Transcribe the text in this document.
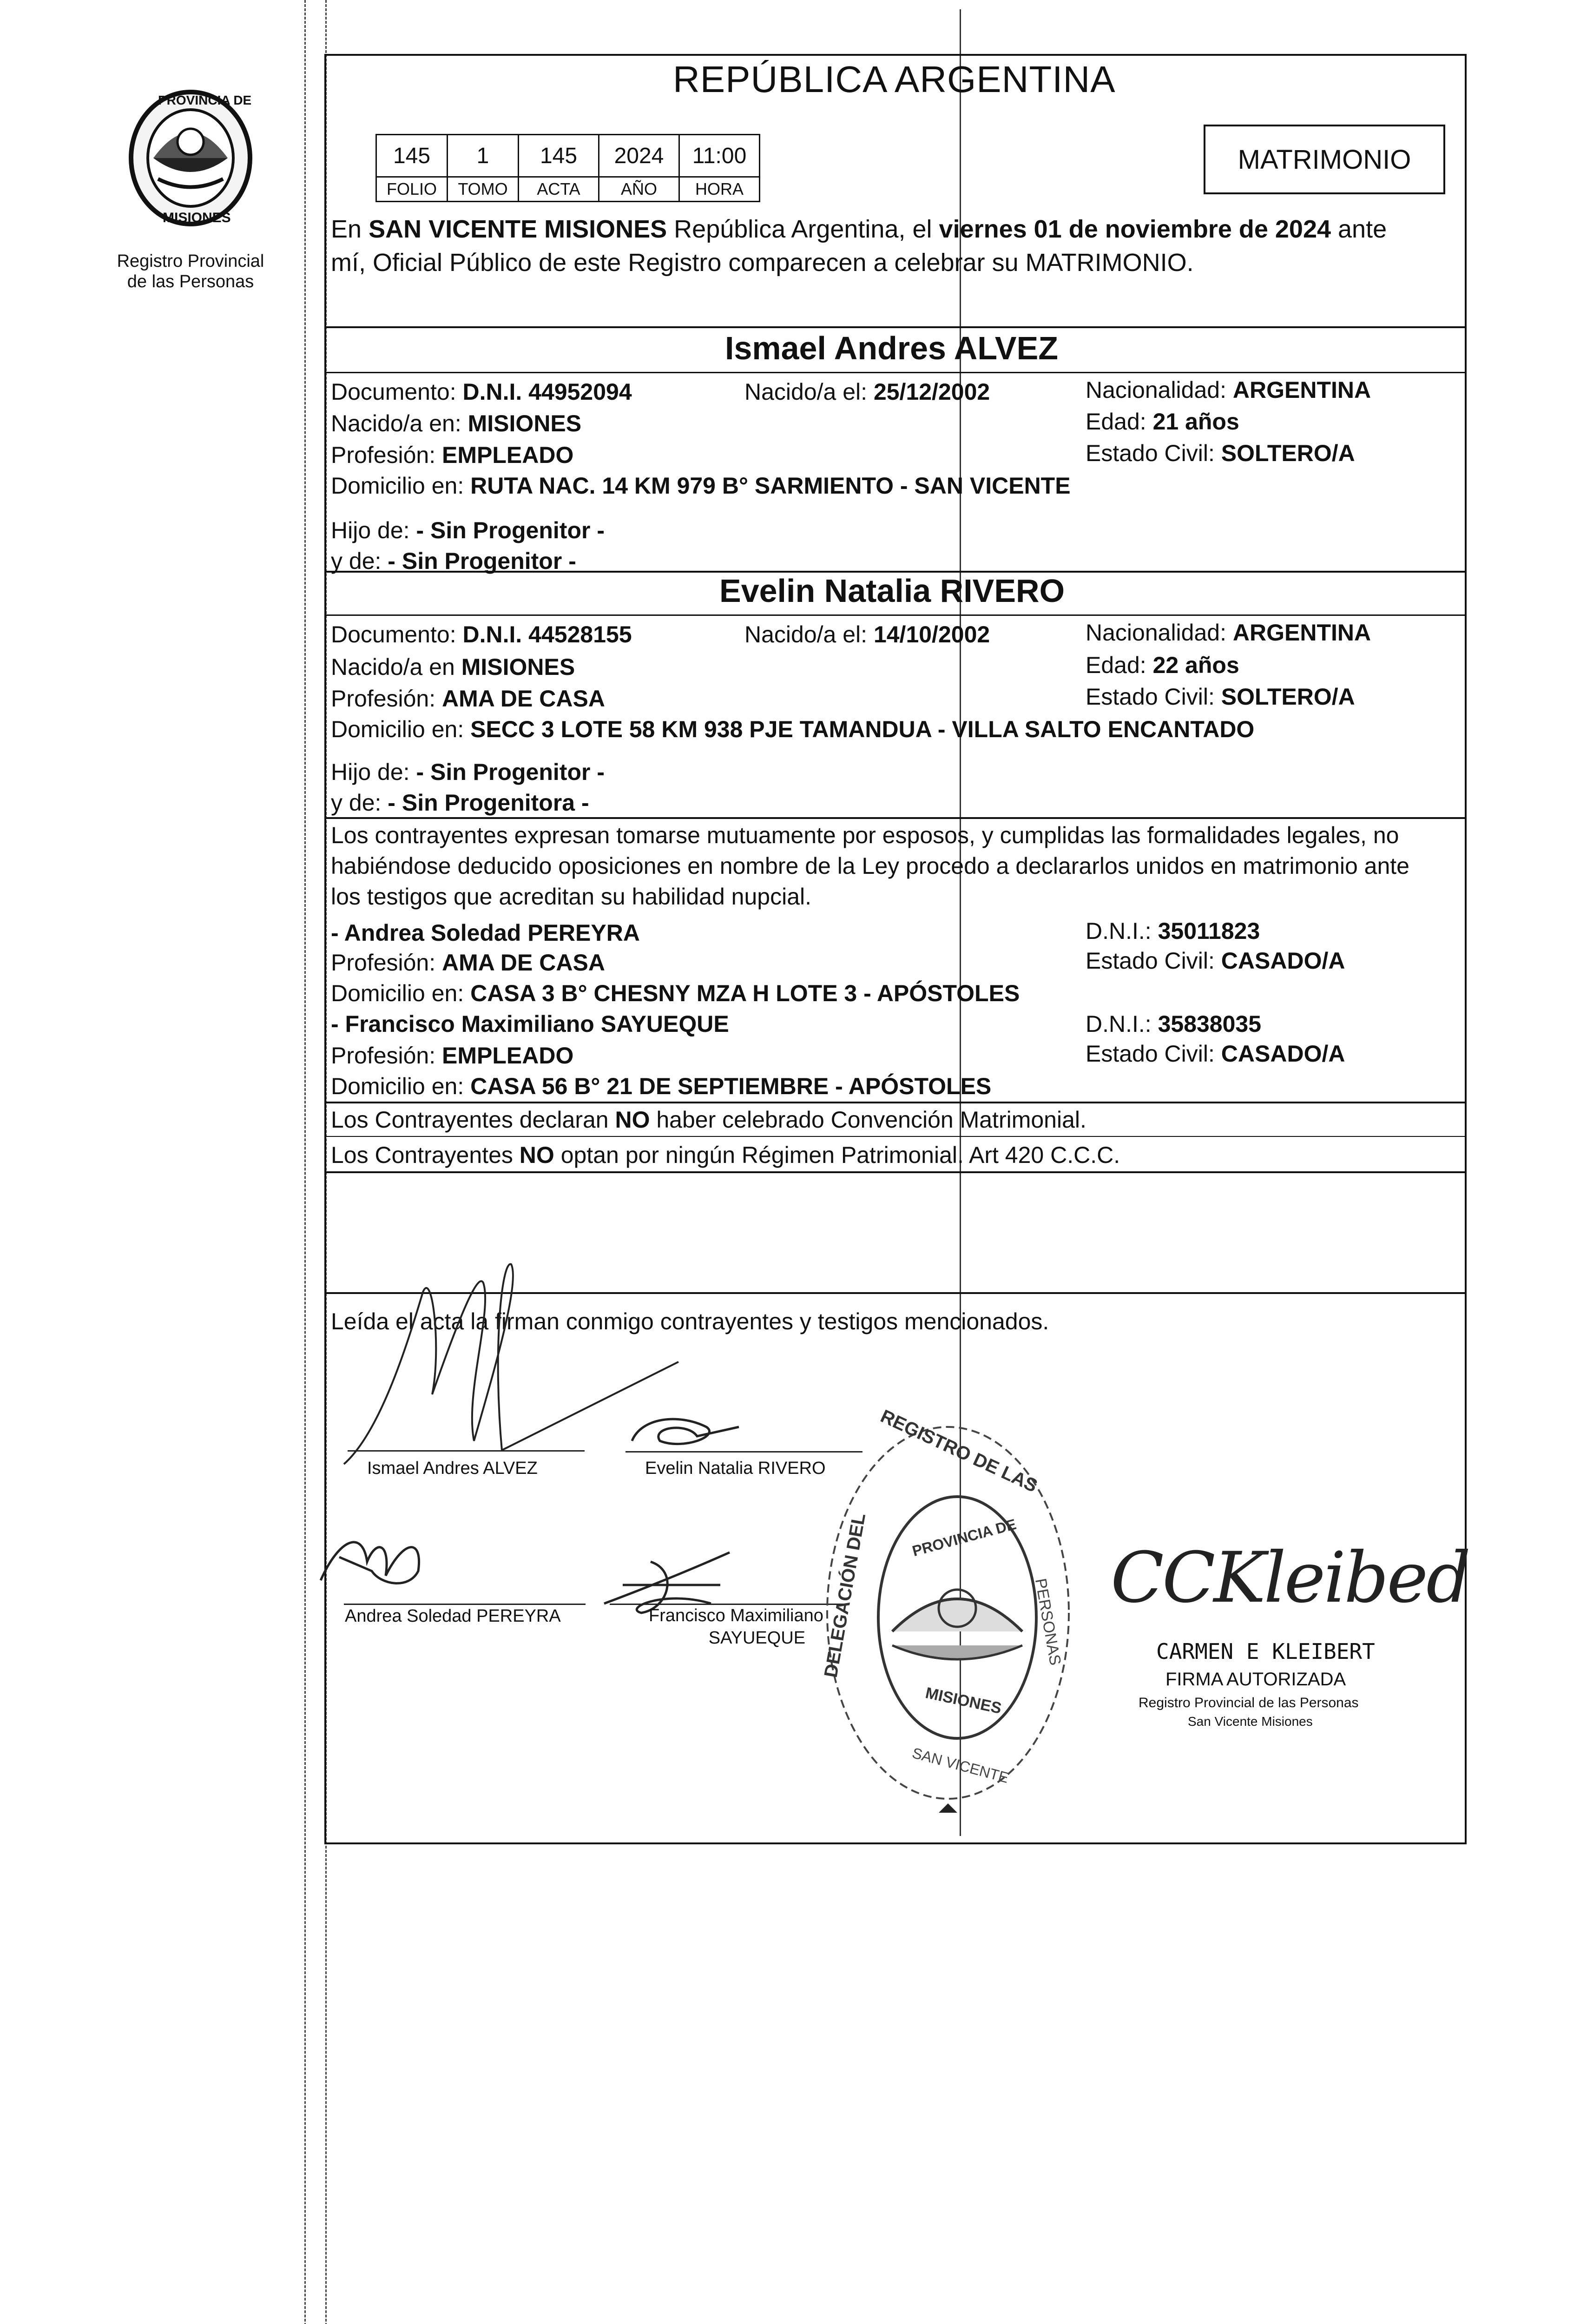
PROVINCIA DE
MISIONES
Registro Provincial
de las Personas
REPÚBLICA ARGENTINA
MATRIMONIO
145	1	145	2024	11:00
FOLIO	TOMO	ACTA	AÑO	HORA
En SAN VICENTE MISIONES República Argentina, el viernes 01 de noviembre de 2024 ante
mí, Oficial Público de este Registro comparecen a celebrar su MATRIMONIO.
Ismael Andres ALVEZ
Documento: D.N.I. 44952094	Nacido/a el: 25/12/2002	Nacionalidad: ARGENTINA
Nacido/a en: MISIONES	Edad: 21 años
Profesión: EMPLEADO	Estado Civil: SOLTERO/A
Domicilio en: RUTA NAC. 14 KM 979 B° SARMIENTO - SAN VICENTE
Hijo de: - Sin Progenitor -
y de: - Sin Progenitor -
Evelin Natalia RIVERO
Documento: D.N.I. 44528155	Nacido/a el: 14/10/2002	Nacionalidad: ARGENTINA
Nacido/a en MISIONES	Edad: 22 años
Profesión: AMA DE CASA	Estado Civil: SOLTERO/A
Domicilio en: SECC 3 LOTE 58 KM 938 PJE TAMANDUA - VILLA SALTO ENCANTADO
Hijo de: - Sin Progenitor -
y de: - Sin Progenitora -
Los contrayentes expresan tomarse mutuamente por esposos, y cumplidas las formalidades legales, no
habiéndose deducido oposiciones en nombre de la Ley procedo a declararlos unidos en matrimonio ante
los testigos que acreditan su habilidad nupcial.
- Andrea Soledad PEREYRA	D.N.I.: 35011823
Profesión: AMA DE CASA	Estado Civil: CASADO/A
Domicilio en: CASA 3 B° CHESNY MZA H LOTE 3 - APÓSTOLES
- Francisco Maximiliano SAYUEQUE	D.N.I.: 35838035
Profesión: EMPLEADO	Estado Civil: CASADO/A
Domicilio en: CASA 56 B° 21 DE SEPTIEMBRE - APÓSTOLES
Los Contrayentes declaran NO haber celebrado Convención Matrimonial.
Los Contrayentes NO optan por ningún Régimen Patrimonial. Art 420 C.C.C.
Leída el acta la firman conmigo contrayentes y testigos mencionados.
Ismael Andres ALVEZ	Evelin Natalia RIVERO
Andrea Soledad PEREYRA	Francisco Maximiliano
SAYUEQUE DELEGACIÓN DEL
REGISTRO DE LAS
PERSONAS
PROVINCIA DE
MISIONES
SAN VICENTE
CCKleibed
CARMEN E KLEIBERT
FIRMA AUTORIZADA
Registro Provincial de las Personas
San Vicente Misiones
